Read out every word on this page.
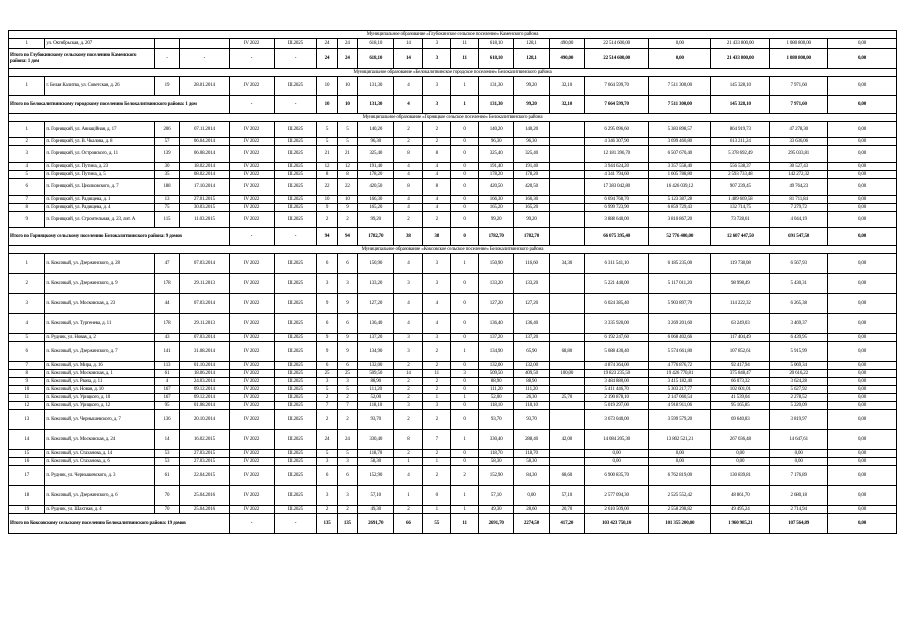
Муниципальное образование «Глубокинское сельское поселение» Каменского района																			
1	ул. Октябрьская, д. 207			IV 2022	III.2025	24	24	618,10	14	3	11	618,10	128,1	490,00	22 514 600,00	0,00	21 433 800,00	1 080 800,00	0,00
Итого по Глубокинскому сельскому поселению Каменского района: 1 дом		-	-	-	-	24	24	618,10	14	3	11	618,10	128,1	490,00	22 514 600,00	0,00	21 433 800,00	1 080 800,00	0,00
Муниципальное образование «Белокалитвинское городское поселение» Белокалитвинского района																			
1	г. Белая Калитва, ул. Советская, д. 26	19	28.01.2014	IV 2022	III.2025	10	10	131,30	4	3	1	131,30	99,20	32,10	7 664 599,70	7 511 300,00	145 328,10	7 971,60	0,00
Итого по Белокалитвинскому городскому поселению Белокалитвинского района: 1 дом				-	-	10	10	131,30	4	3	1	131,30	99,20	32,10	7 664 599,70	7 511 300,00	145 328,10	7 971,60	0,00
Муниципальное образование «Горняцкое сельское поселение» Белокалитвинского района																			
1	п. Горняцкий, ул. Авиаційная, д. 17	206	07.11.2014	IV 2022	III.2025	5	5	140,20	2	2	0	140,20	140,20		6 295 096,60	5 383 898,57	864 919,73	47 278,30	0,00
2	п. Горняцкий, ул. В. Чкалова, д. 8	57	06.04.2014	IV 2022	III.2025	5	5	96,30	2	2	0	96,30	96,30		4 346 307,90	3 699 460,80	613 211,24	33 636,06	0,00
3	п. Горняцкий, ул. Островского, д. 11	139	06.08.2014	IV 2022	III.2025	21	21	325,40	8	8	0	325,40	325,40		12 181 396,70	6 507 670,40	5 378 692,49	295 033,81	0,00
4	п. Горняцкий, ул. Путина, д. 23	30	18.02.2014	IV 2022	III.2025	12	12	191,40	4	4	0	191,40	191,40		3 944 624,20	3 357 558,40	556 538,37	30 527,43	0,00
5	п. Горняцкий, ул. Путина, д. 5	35	08.02.2014	IV 2022	III.2025	8	8	178,20	4	4	0	178,20	178,20		4 341 794,60	1 605 788,80	2 593 733,48	142 272,32	0,00
6	п. Горняцкий, ул. Циолковского, д. 7	188	17.10.2014	IV 2022	III.2025	22	22	420,50	8	8	0	420,50	420,50		17 383 042,80	16 426 039,12	907 239,45	49 764,23	0,00
7	п. Горняцкий, ул. Радищева, д. 1	13	27.01.2015	IV 2022	III.2025	10	10	166,30	4	4	0	166,30	166,30		6 694 768,70	5 123 387,28	1 489 669,58	81 711,84	0,00
8	п. Горняцкий, ул. Радищева, д. 4	75	30.03.2015	IV 2022	III.2025	9	9	165,20	4	4	0	165,20	165,20		6 999 723,90	6 859 729,43	132 714,75	7 279,72	0,00
9	п. Горняцкий, ул. Строительная, д. 23, лит. А	115	11.03.2015	IV 2022	III.2025	2	2	99,20	2	2	0	99,20	99,20		3 888 640,00	3 810 867,20	73 728,61	4 044,19	0,00
Итого по Горняцкому сельскому поселению Белокалитвинского района: 9 домов				-	-	94	94	1782,70	38	38	0	1782,70	1782,70		66 075 395,40	52 776 400,00	12 607 447,50	691 547,50	0,00
Муниципальное образование «Коксовское сельское поселение» Белокалитвинского района																			
1	п. Коксовый, ул. Дзержинского, д. 28	47	07.03.2014	IV 2022	III.2025	6	6	150,90	4	3	1	150,90	116,60	34,30	6 311 541,10	6 185 235,00	119 738,08	6 567,93	0,00
2	п. Коксовый, ул. Дзержинского, д. 9	178	29.11.2013	IV 2022	III.2025	3	3	133,20	3	3	0	133,20	133,20		5 221 440,00	5 117 011,20	98 998,49	5 430,31	0,00
3	п. Коксовый, ул. Московская, д. 23	44	07.03.2014	IV 2022	III.2025	9	9	127,20	4	4	0	127,20	127,20		6 024 385,40	5 903 897,70	114 222,32	6 265,38	0,00
4	п. Коксовый, ул. Тургенева, д. 11	178	29.11.2013	IV 2022	III.2025	6	6	136,40	4	4	0	136,40	136,40		3 335 920,00	3 269 201,60	63 249,03	3 469,37	0,00
5	п. Рудник, ул. Новая, д. 2	43	07.03.2014	IV 2022	III.2025	9	9	137,20	3	3	0	137,20	137,20		6 192 247,60	6 068 402,66	117 404,49	6 439,95	0,00
6	п. Коксовый, ул. Дзержинского, д. 7	141	31.08.2014	IV 2022	III.2025	9	9	134,90	3	2	1	134,90	65,90	68,80	5 688 430,40	5 574 661,80	107 852,61	5 915,99	0,00
7	п. Коксовый, ул. Мира, д. 16	113	01.10.2014	IV 2022	III.2025	6	6	132,00	2	2	0	132,00	132,00		4 874 364,00	4 776 876,72	92 417,94	5 069,34	0,00
8	п. Коксовый, ул. Московская, д. 1	61	18.06.2014	IV 2022	III.2025	25	25	509,50	14	11	3	509,50	409,50	100,00	19 823 235,50	19 426 770,81	375 848,47	20 616,22	0,00
9	п. Коксовый, ул. Рвача, д. 11	4	24.03.2014	IV 2022	III.2025	3	3	88,90	2	2	0	88,90	88,90		3 484 880,00	3 415 182,40	66 073,32	3 624,28	0,00
10	п. Коксовый, ул. Новая, д. 10	167	09.12.2014	IV 2022	III.2025	5	5	111,20	2	2	0	111,20	111,20		5 411 446,70	5 303 217,77	102 601,01	5 627,92	0,00
11	п. Коксовый, ул. Урицкого, д. 10	167	09.12.2014	IV 2022	III.2025	2	2	52,00	2	1	1	52,00	26,30	25,70	2 190 878,10	2 147 060,54	41 539,04	2 278,52	0,00
12	п. Коксовый, ул. Урицкого, д. 12	95	01.08.2014	IV 2022	III.2025	7	7	118,10	3	3	0	118,10	118,10		5 019 297,00	4 918 911,06	95 165,85	5 220,09	0,00
13	п. Коксовый, ул. Чернышевского, д. 7	136	20.10.2014	IV 2022	III.2025	2	2	93,70	2	2	0	93,70	93,70		3 673 040,00	3 599 579,20	69 640,83	3 819,97	0,00
14	п. Коксовый, ул. Московская, д. 24	14	16.02.2015	IV 2022	III.2025	24	24	330,40	8	7	1	330,40	288,40	42,00	14 084 205,30	13 802 521,21	267 036,48	14 647,61	0,00
15	п. Коксовый, ул. Стаханова, д. 14	53	27.03.2015	IV 2022	III.2025	5	5	118,70	2	2	0	118,70	118,70		0,00	0,00	0,00	0,00	0,00
16	п. Коксовый, ул. Стаханова, д. 6	53	27.03.2015	IV 2022	III.2025	3	3	58,30	1	1	0	58,30	58,30		0,00	0,00	0,00	0,00	0,00
17	п. Рудник, ул. Чернышевского, д. 3	61	22.04.2015	IV 2022	III.2025	6	6	152,90	4	2	2	152,90	84,30	68,60	6 900 835,70	6 762 819,00	130 839,81	7 176,89	0,00
18	п. Коксовый, ул. Дзержинского, д. 6	70	25.04.2016	IV 2022	III.2025	3	3	57,10	1	0	1	57,10	0,00	57,10	2 577 094,30	2 525 552,42	48 861,70	2 680,18	0,00
19	п. Рудник, ул. Шахтная, д. 4	70	25.04.2016	IV 2022	III.2025	2	2	49,30	2	1	1	49,30	28,60	20,70	2 610 509,00	2 558 298,82	49 495,24	2 714,94	0,00
Итого по Коксовскому сельскому поселению Белокалитвинского района: 19 домов				-	-	135	135	2691,70	66	55	11	2691,70	2274,50	417,20	103 423 750,10	101 355 200,00	1 960 985,21	107 564,89	0,00
